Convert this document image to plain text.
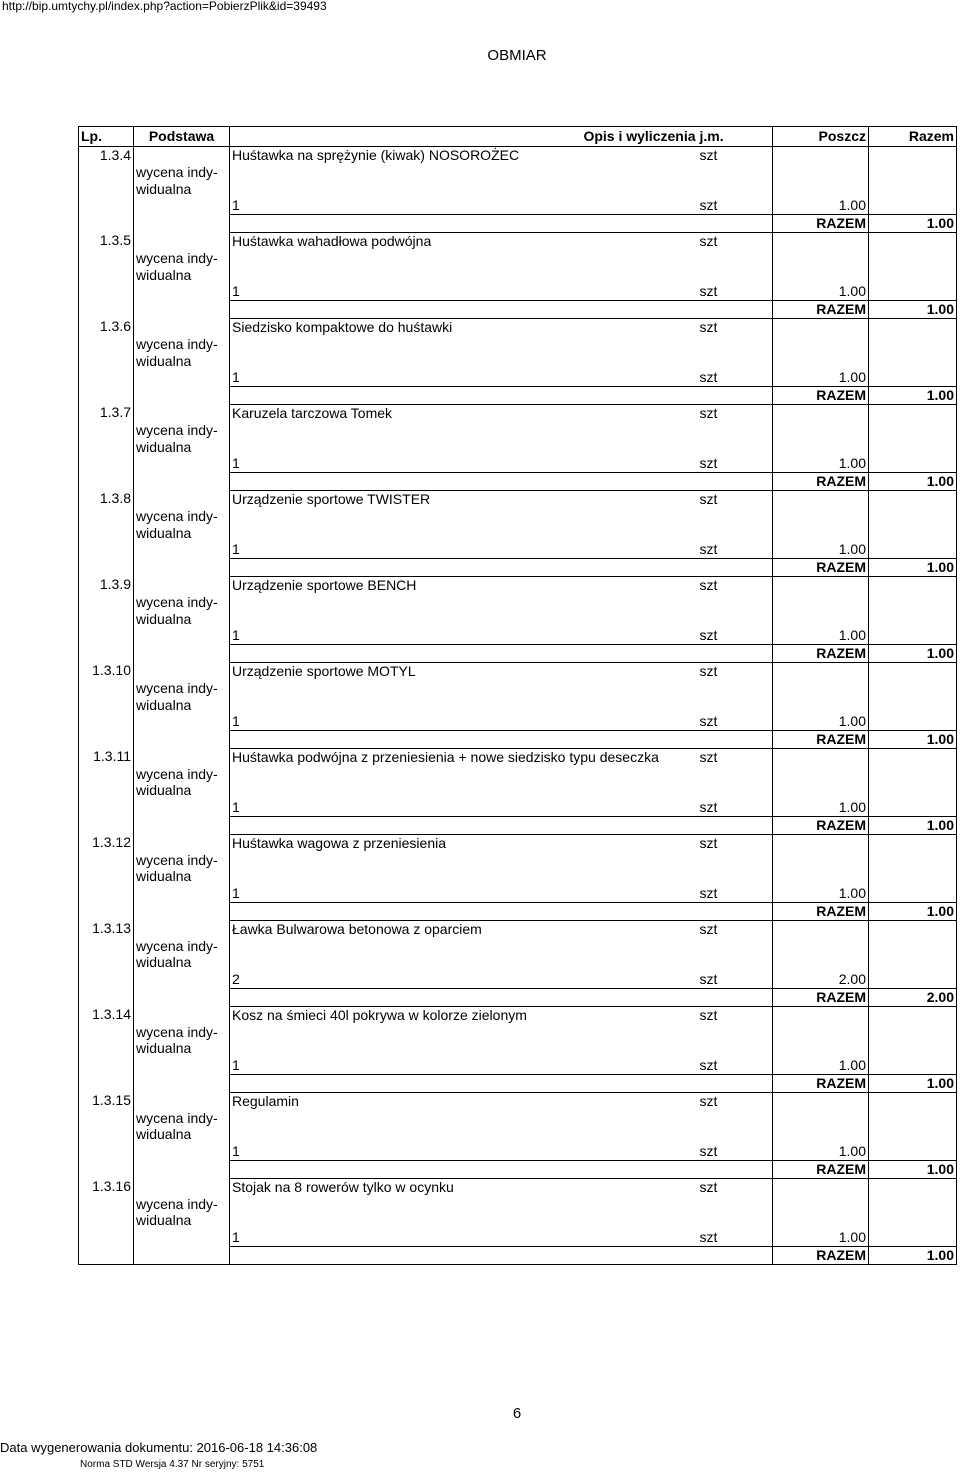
http://bip.umtychy.pl/index.php?action=PobierzPlik&id=39493
OBMIAR
Lp.	Podstawa	Opis i wyliczenia	j.m.	Poszcz	Razem
1.3.4		Huśtawka na sprężynie (kiwak) NOSOROŻEC	szt		
	wycena indy-				
	widualna				
		1	szt	1.00	
				RAZEM	1.00
1.3.5		Huśtawka wahadłowa podwójna	szt		
	wycena indy-				
	widualna				
		1	szt	1.00	
				RAZEM	1.00
1.3.6		Siedzisko kompaktowe do huśtawki	szt		
	wycena indy-				
	widualna				
		1	szt	1.00	
				RAZEM	1.00
1.3.7		Karuzela tarczowa Tomek	szt		
	wycena indy-				
	widualna				
		1	szt	1.00	
				RAZEM	1.00
1.3.8		Urządzenie sportowe TWISTER	szt		
	wycena indy-				
	widualna				
		1	szt	1.00	
				RAZEM	1.00
1.3.9		Urządzenie sportowe BENCH	szt		
	wycena indy-				
	widualna				
		1	szt	1.00	
				RAZEM	1.00
1.3.10		Urządzenie sportowe MOTYL	szt		
	wycena indy-				
	widualna				
		1	szt	1.00	
				RAZEM	1.00
1.3.11		Huśtawka podwójna z przeniesienia + nowe siedzisko typu deseczka	szt		
	wycena indy-				
	widualna				
		1	szt	1.00	
				RAZEM	1.00
1.3.12		Huśtawka wagowa z przeniesienia	szt		
	wycena indy-				
	widualna				
		1	szt	1.00	
				RAZEM	1.00
1.3.13		Ławka Bulwarowa betonowa z oparciem	szt		
	wycena indy-				
	widualna				
		2	szt	2.00	
				RAZEM	2.00
1.3.14		Kosz na śmieci 40l pokrywa w kolorze zielonym	szt		
	wycena indy-				
	widualna				
		1	szt	1.00	
				RAZEM	1.00
1.3.15		Regulamin	szt		
	wycena indy-				
	widualna				
		1	szt	1.00	
				RAZEM	1.00
1.3.16		Stojak na 8 rowerów tylko w ocynku	szt		
	wycena indy-				
	widualna				
		1	szt	1.00	
				RAZEM	1.00
6
Data wygenerowania dokumentu: 2016-06-18 14:36:08
Norma STD Wersja 4.37 Nr seryjny: 5751
